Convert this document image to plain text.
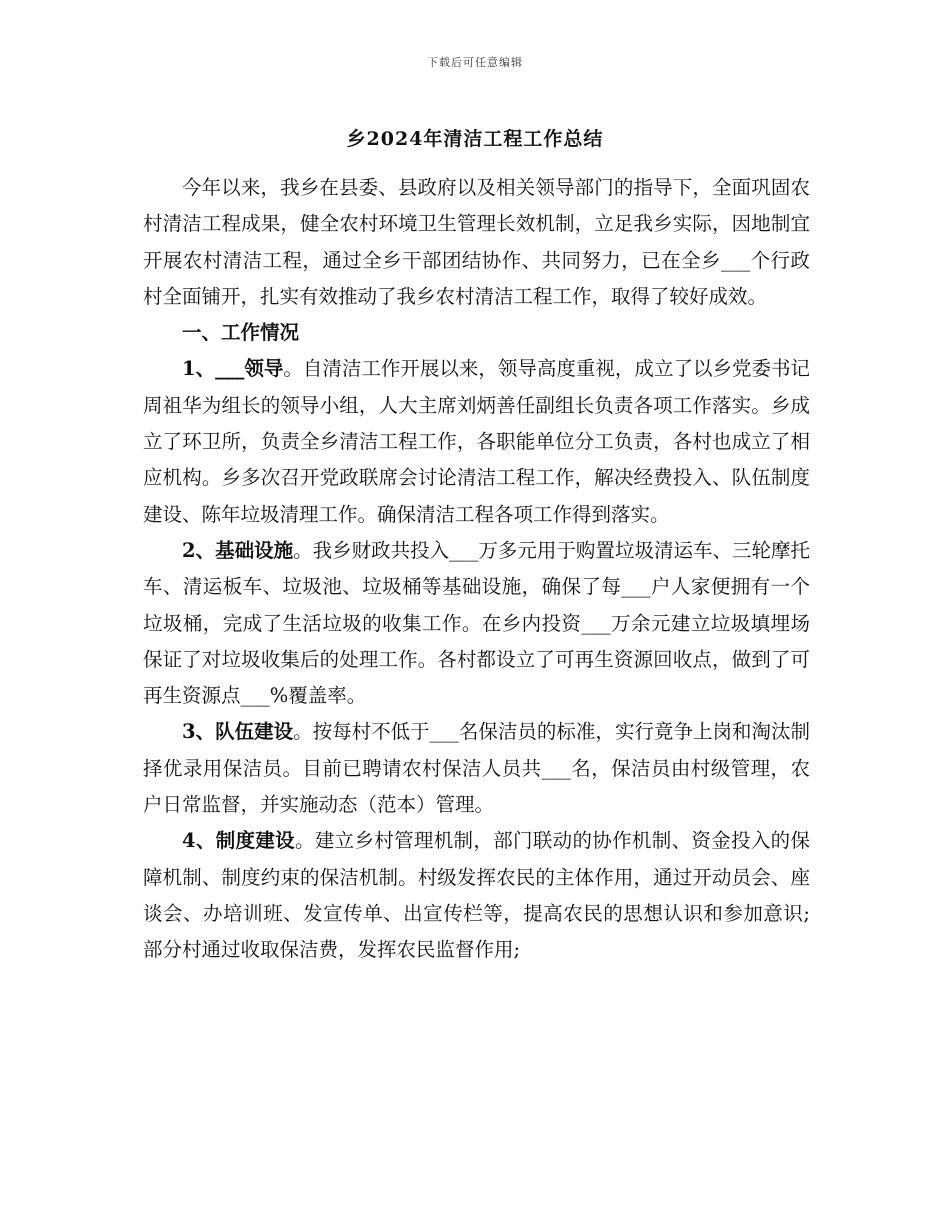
下载后可任意编辑
乡2024年清洁工程工作总结

今年以来，我乡在县委、县政府以及相关领导部门的指导下，全面巩固农村清洁工程成果，健全农村环境卫生管理长效机制，立足我乡实际，因地制宜开展农村清洁工程，通过全乡干部团结协作、共同努力，已在全乡___个行政村全面铺开，扎实有效推动了我乡农村清洁工程工作，取得了较好成效。

一、工作情况

1、___领导。自清洁工作开展以来，领导高度重视，成立了以乡党委书记周祖华为组长的领导小组，人大主席刘炳善任副组长负责各项工作落实。乡成立了环卫所，负责全乡清洁工程工作，各职能单位分工负责，各村也成立了相应机构。乡多次召开党政联席会讨论清洁工程工作，解决经费投入、队伍制度建设、陈年垃圾清理工作。确保清洁工程各项工作得到落实。

2、基础设施。我乡财政共投入___万多元用于购置垃圾清运车、三轮摩托车、清运板车、垃圾池、垃圾桶等基础设施，确保了每___户人家便拥有一个垃圾桶，完成了生活垃圾的收集工作。在乡内投资___万余元建立垃圾填埋场保证了对垃圾收集后的处理工作。各村都设立了可再生资源回收点，做到了可再生资源点___%覆盖率。

3、队伍建设。按每村不低于___名保洁员的标准，实行竟争上岗和淘汰制择优录用保洁员。目前已聘请农村保洁人员共___名，保洁员由村级管理，农户日常监督，并实施动态（范本）管理。

4、制度建设。建立乡村管理机制，部门联动的协作机制、资金投入的保障机制、制度约束的保洁机制。村级发挥农民的主体作用，通过开动员会、座谈会、办培训班、发宣传单、出宣传栏等，提高农民的思想认识和参加意识;部分村通过收取保洁费，发挥农民监督作用;
